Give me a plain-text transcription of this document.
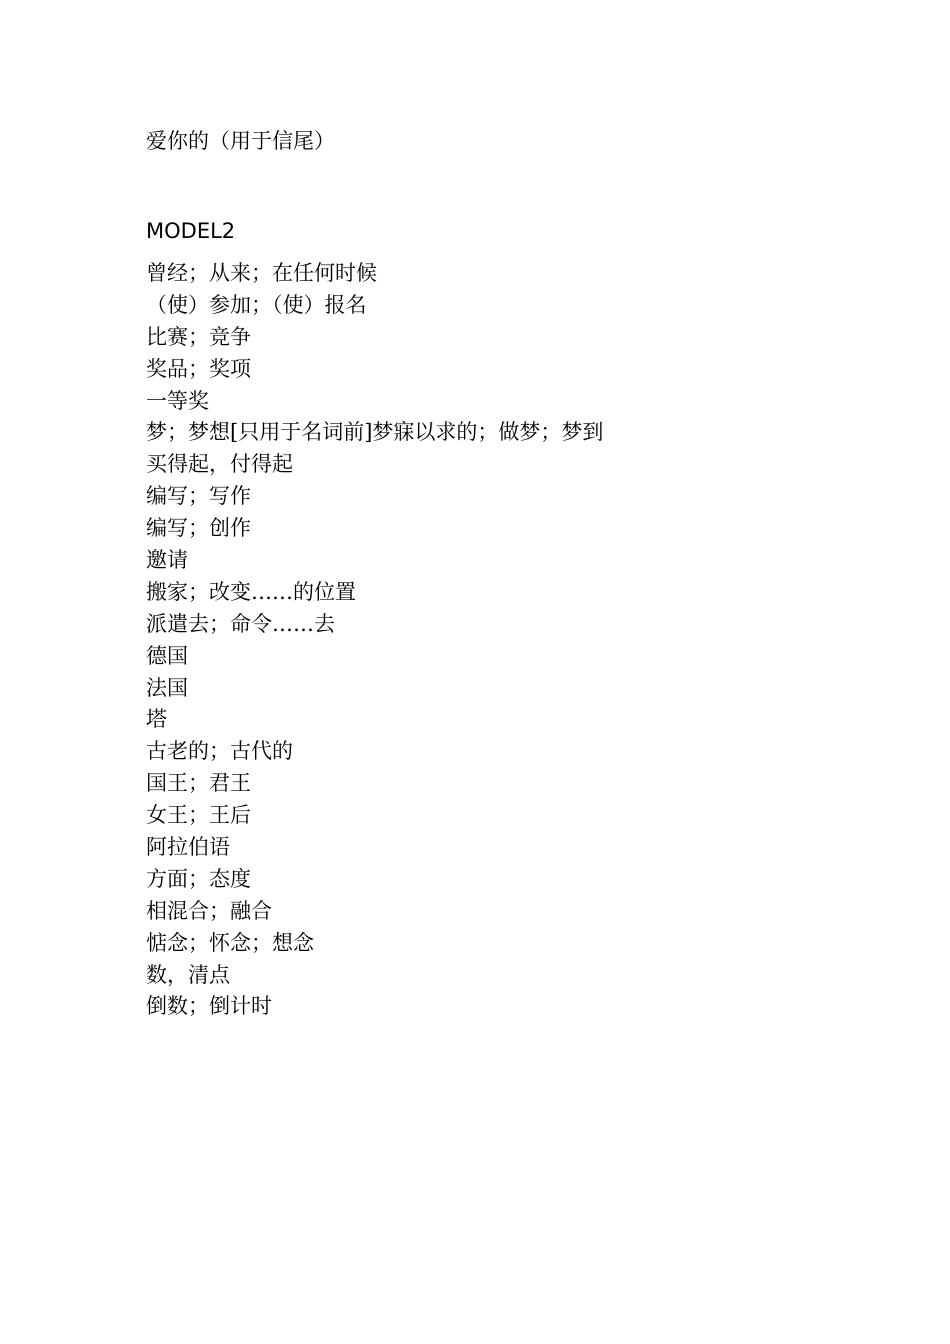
爱你的（用于信尾）
MODEL2
曾经；从来；在任何时候
（使）参加；（使）报名
比赛；竞争
奖品；奖项
一等奖
梦；梦想[只用于名词前]梦寐以求的；做梦；梦到
买得起，付得起
编写；写作
编写；创作
邀请
搬家；改变……的位置
派遣去；命令……去
德国
法国
塔
古老的；古代的
国王；君王
女王；王后
阿拉伯语
方面；态度
相混合；融合
惦念；怀念；想念
数，清点
倒数；倒计时
